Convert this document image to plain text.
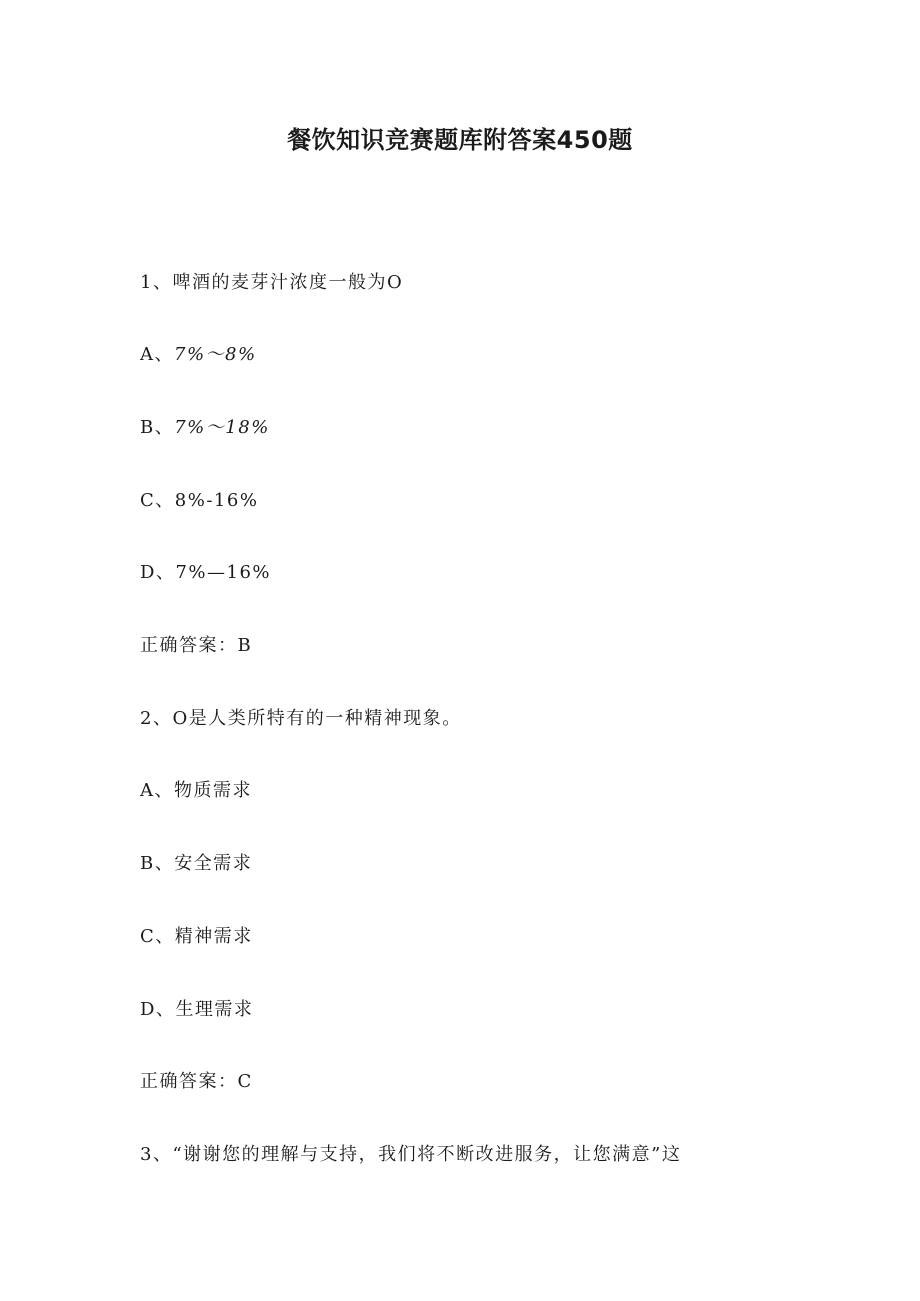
餐饮知识竞赛题库附答案450题
1、啤酒的麦芽汁浓度一般为O
A、7%～8%
B、7%～18%
C、8%-16%
D、7%—16%
正确答案：B
2、O是人类所特有的一种精神现象。
A、物质需求
B、安全需求
C、精神需求
D、生理需求
正确答案：C
3、“谢谢您的理解与支持，我们将不断改进服务，让您满意”这
